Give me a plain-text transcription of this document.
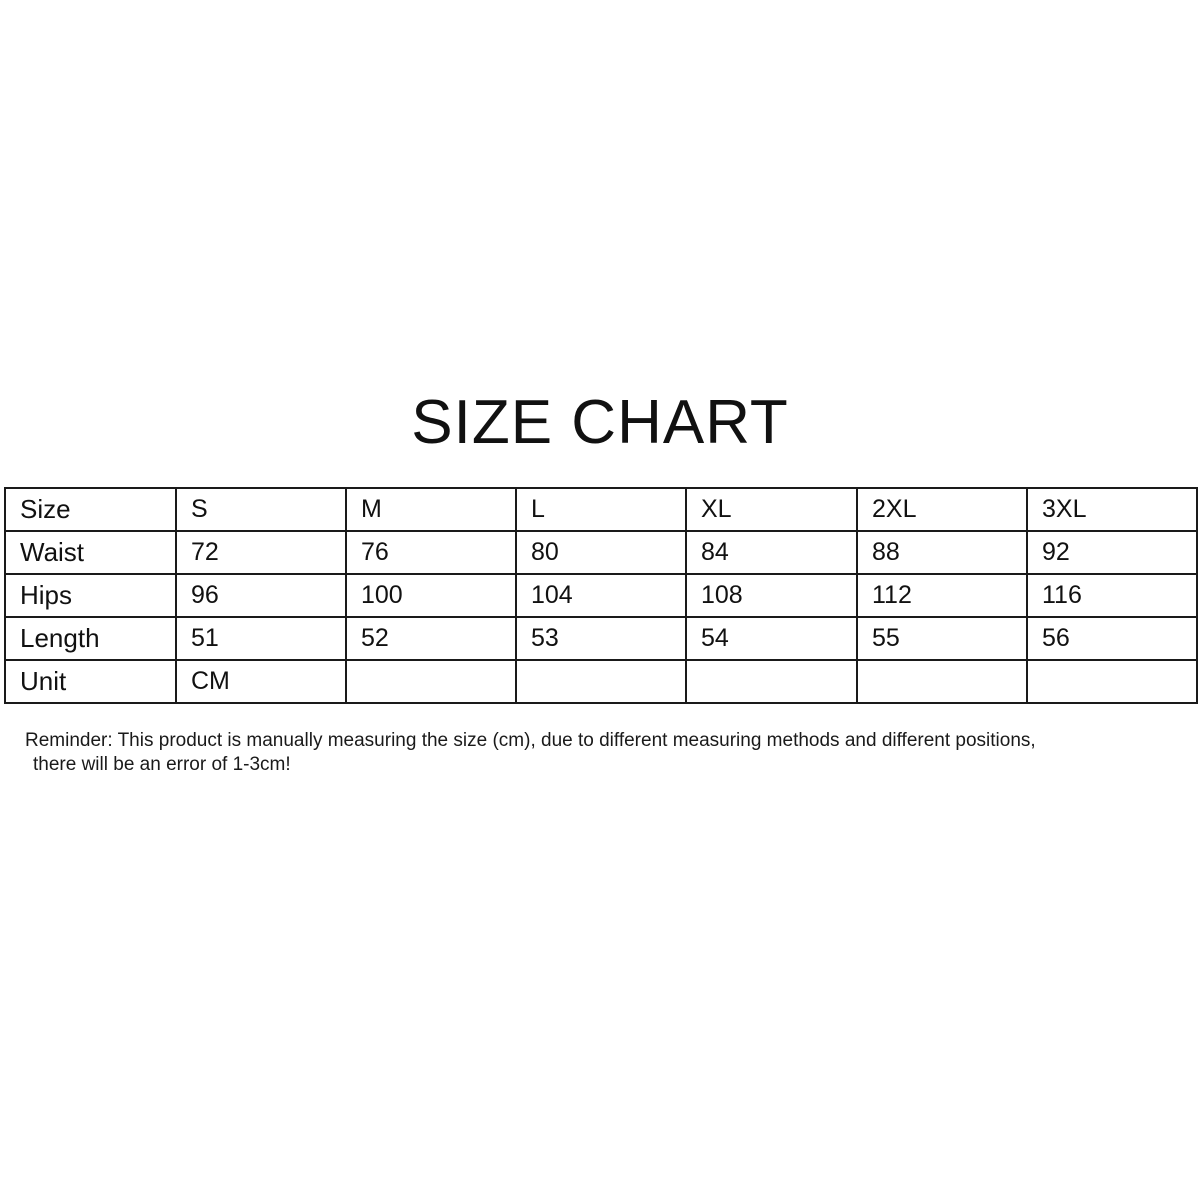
SIZE CHART
Size	S	M	L	XL	2XL	3XL
Waist	72	76	80	84	88	92
Hips	96	100	104	108	112	116
Length	51	52	53	54	55	56
Unit	CM					
Reminder: This product is manually measuring the size (cm), due to different measuring methods and different positions,
there will be an error of 1-3cm!
